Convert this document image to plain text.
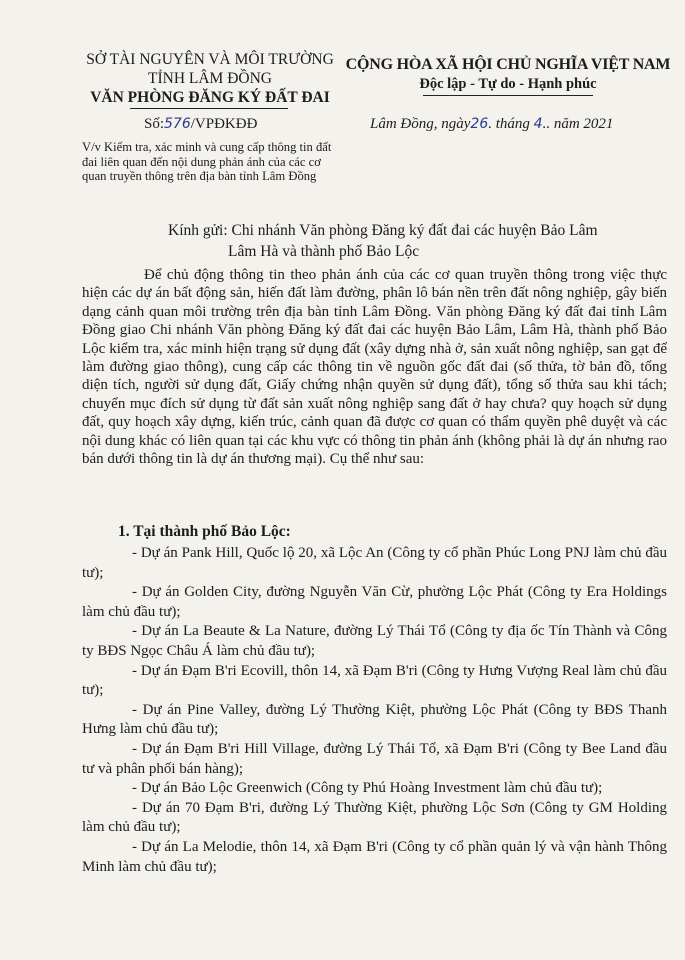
SỞ TÀI NGUYÊN VÀ MÔI TRƯỜNG
TỈNH LÂM ĐỒNG
VĂN PHÒNG ĐĂNG KÝ ĐẤT ĐAI
CỘNG HÒA XÃ HỘI CHỦ NGHĨA VIỆT NAM
Độc lập - Tự do - Hạnh phúc
Số:576/VPĐKĐĐ	Lâm Đồng, ngày26. tháng 4.. năm 2021
V/v Kiểm tra, xác minh và cung cấp thông tin đất đai liên quan đến nội dung phản ánh của các cơ quan truyền thông trên địa bàn tỉnh Lâm Đồng
Kính gửi: Chi nhánh Văn phòng Đăng ký đất đai các huyện Bảo Lâm
Lâm Hà và thành phố Bảo Lộc

Để chủ động thông tin theo phản ánh của các cơ quan truyền thông trong việc thực hiện các dự án bất động sản, hiến đất làm đường, phân lô bán nền trên đất nông nghiệp, gây biến dạng cảnh quan môi trường trên địa bàn tỉnh Lâm Đồng. Văn phòng Đăng ký đất đai tỉnh Lâm Đồng giao Chi nhánh Văn phòng Đăng ký đất đai các huyện Bảo Lâm, Lâm Hà, thành phố Bảo Lộc kiểm tra, xác minh hiện trạng sử dụng đất (xây dựng nhà ở, sản xuất nông nghiệp, san gạt để làm đường giao thông), cung cấp các thông tin về nguồn gốc đất đai (số thửa, tờ bản đồ, tổng diện tích, người sử dụng đất, Giấy chứng nhận quyền sử dụng đất), tổng số thửa sau khi tách; chuyển mục đích sử dụng từ đất sản xuất nông nghiệp sang đất ở hay chưa? quy hoạch sử dụng đất, quy hoạch xây dựng, kiến trúc, cảnh quan đã được cơ quan có thẩm quyền phê duyệt và các nội dung khác có liên quan tại các khu vực có thông tin phản ánh (không phải là dự án nhưng rao bán dưới thông tin là dự án thương mại). Cụ thể như sau:

1. Tại thành phố Bảo Lộc:

- Dự án Pank Hill, Quốc lộ 20, xã Lộc An (Công ty cổ phần Phúc Long PNJ làm chủ đầu tư);

- Dự án Golden City, đường Nguyễn Văn Cừ, phường Lộc Phát (Công ty Era Holdings làm chủ đầu tư);

- Dự án La Beaute & La Nature, đường Lý Thái Tổ (Công ty địa ốc Tín Thành và Công ty BĐS Ngọc Châu Á làm chủ đầu tư);

- Dự án Đạm B'ri Ecovill, thôn 14, xã Đạm B'ri (Công ty Hưng Vượng Real làm chủ đầu tư);

- Dự án Pine Valley, đường Lý Thường Kiệt, phường Lộc Phát (Công ty BĐS Thanh Hưng làm chủ đầu tư);

- Dự án Đạm B'ri Hill Village, đường Lý Thái Tổ, xã Đạm B'ri (Công ty Bee Land đầu tư và phân phối bán hàng);

- Dự án Bảo Lộc Greenwich (Công ty Phú Hoàng Investment làm chủ đầu tư);

- Dự án 70 Đạm B'ri, đường Lý Thường Kiệt, phường Lộc Sơn (Công ty GM Holding làm chủ đầu tư);

- Dự án La Melodie, thôn 14, xã Đạm B'ri (Công ty cổ phần quản lý và vận hành Thông Minh làm chủ đầu tư);
